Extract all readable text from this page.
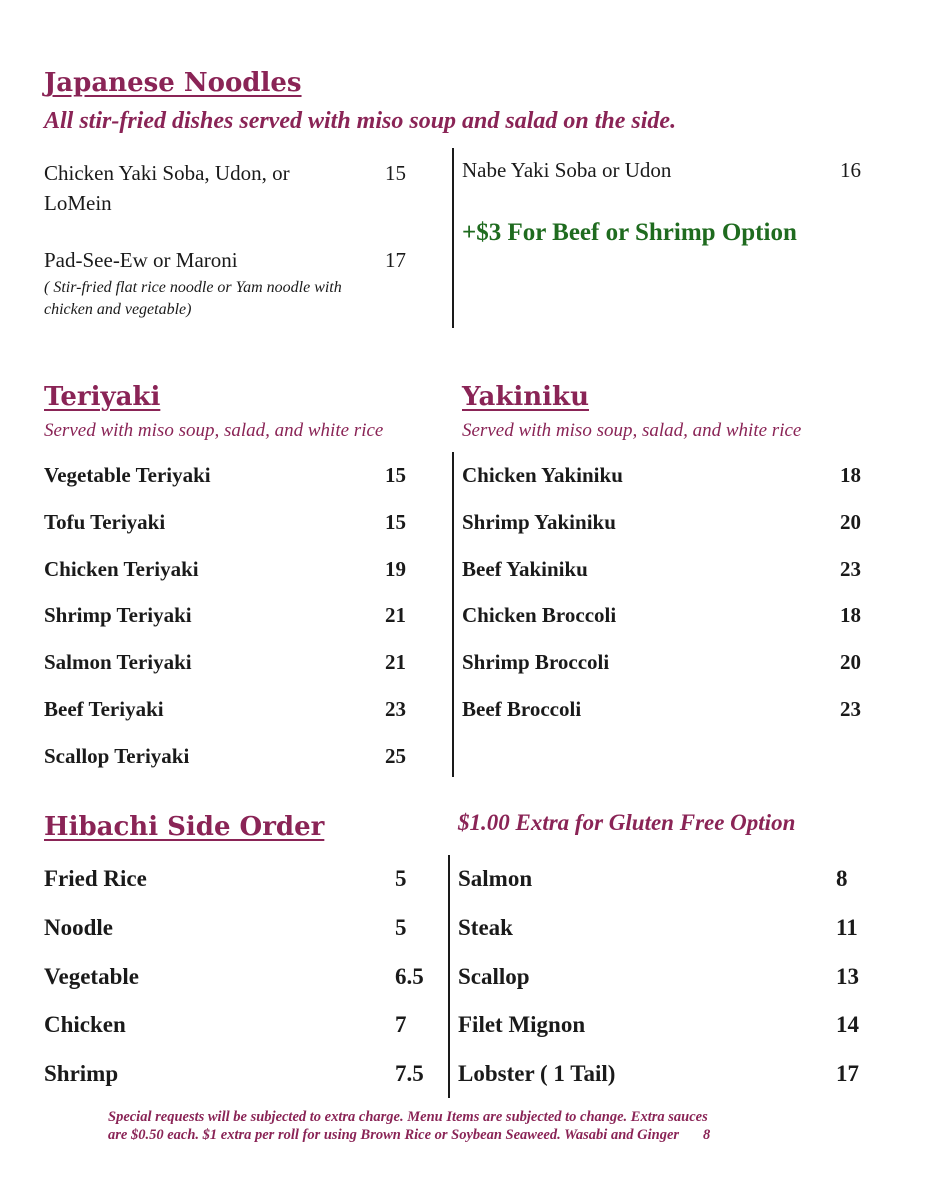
Japanese Noodles
All stir-fried dishes served with miso soup and salad on the side.
Chicken Yaki Soba, Udon, or LoMein
15
Pad-See-Ew or Maroni	17
( Stir-fried flat rice noodle or Yam noodle with chicken and vegetable)
Nabe Yaki Soba or Udon	16
+$3 For Beef or Shrimp Option
Teriyaki
Served with miso soup, salad, and white rice
Vegetable Teriyaki	15
Tofu Teriyaki	15
Chicken Teriyaki	19
Shrimp Teriyaki	21
Salmon Teriyaki	21
Beef Teriyaki	23
Scallop Teriyaki	25
Yakiniku
Served with miso soup, salad, and white rice
Chicken Yakiniku	18
Shrimp Yakiniku	20
Beef Yakiniku	23
Chicken Broccoli	18
Shrimp Broccoli	20
Beef Broccoli	23
Hibachi Side Order	$1.00 Extra for Gluten Free Option
Fried Rice	5
Noodle	5
Vegetable	6.5
Chicken	7
Shrimp	7.5
Salmon	8
Steak	11
Scallop	13
Filet Mignon	14
Lobster ( 1 Tail)	17
Special requests will be subjected to extra charge. Menu Items are subjected to change. Extra sauces
are $0.50 each. $1 extra per roll for using Brown Rice or Soybean Seaweed. Wasabi and Ginger 8
